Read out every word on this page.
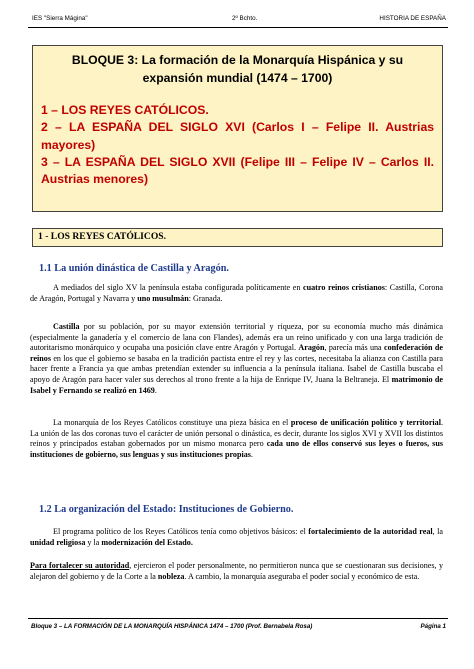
IES "Sierra Mágina"	2º Bchto.	HISTORIA DE ESPAÑA
BLOQUE 3: La formación de la Monarquía Hispánica y su expansión mundial (1474 – 1700)
1 – LOS REYES CATÓLICOS.
2 – LA ESPAÑA DEL SIGLO XVI (Carlos I – Felipe II. Austrias mayores)
3 – LA ESPAÑA DEL SIGLO XVII (Felipe III – Felipe IV – Carlos II. Austrias menores)
1 - LOS REYES CATÓLICOS.
1.1 La unión dinástica de Castilla y Aragón.
A mediados del siglo XV la península estaba configurada políticamente en cuatro reinos cristianos: Castilla, Corona de Aragón, Portugal y Navarra y uno musulmán: Granada.
Castilla por su población, por su mayor extensión territorial y riqueza, por su economía mucho más dinámica (especialmente la ganadería y el comercio de lana con Flandes), además era un reino unificado y con una larga tradición de autoritarismo monárquico y ocupaba una posición clave entre Aragón y Portugal. Aragón, parecía más una confederación de reinos en los que el gobierno se basaba en la tradición pactista entre el rey y las cortes, necesitaba la alianza con Castilla para hacer frente a Francia ya que ambas pretendían extender su influencia a la península italiana. Isabel de Castilla buscaba el apoyo de Aragón para hacer valer sus derechos al trono frente a la hija de Enrique IV, Juana la Beltraneja. El matrimonio de Isabel y Fernando se realizó en 1469.
La monarquía de los Reyes Católicos constituye una pieza básica en el proceso de unificación político y territorial. La unión de las dos coronas tuvo el carácter de unión personal o dinástica, es decir, durante los siglos XVI y XVII los distintos reinos y principados estaban gobernados por un mismo monarca pero cada uno de ellos conservó sus leyes o fueros, sus instituciones de gobierno, sus lenguas y sus instituciones propias.
1.2 La organización del Estado: Instituciones de Gobierno.
El programa político de los Reyes Católicos tenía como objetivos básicos: el fortalecimiento de la autoridad real, la unidad religiosa y la modernización del Estado.
Para fortalecer su autoridad, ejercieron el poder personalmente, no permitieron nunca que se cuestionaran sus decisiones, y alejaron del gobierno y de la Corte a la nobleza. A cambio, la monarquía aseguraba el poder social y económico de esta.
Bloque 3 – LA FORMACIÓN DE LA MONARQUÍA HISPÁNICA 1474 – 1700 (Prof. Bernabela Rosa)	Página 1
